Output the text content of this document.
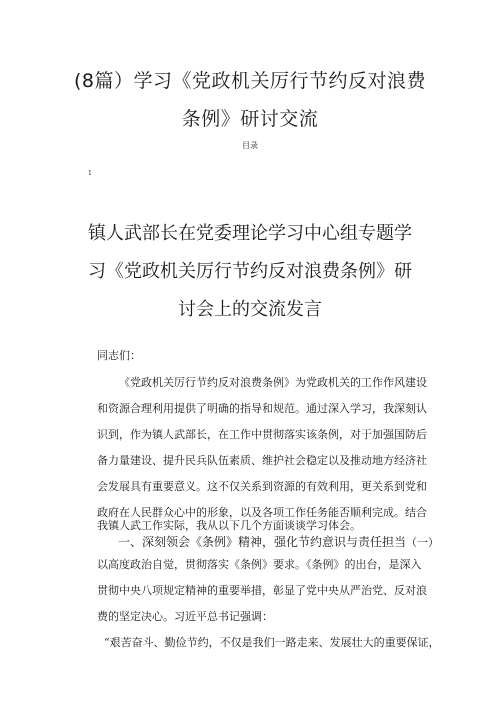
(8篇）学习《党政机关厉行节约反对浪费
条例》研讨交流
目录
1
镇人武部长在党委理论学习中心组专题学
习《党政机关厉行节约反对浪费条例》研
讨会上的交流发言
同志们：
《党政机关厉行节约反对浪费条例》为党政机关的工作作风建设
和资源合理利用提供了明确的指导和规范。通过深入学习，我深刻认
识到，作为镇人武部长，在工作中贯彻落实该条例，对于加强国防后
备力量建设、提升民兵队伍素质、维护社会稳定以及推动地方经济社
会发展具有重要意义。这不仅关系到资源的有效利用，更关系到党和
政府在人民群众心中的形象，以及各项工作任务能否顺利完成。结合
我镇人武工作实际，我从以下几个方面谈谈学习体会。
一、深刻领会《条例》精神，强化节约意识与责任担当（一）
以高度政治自觉，贯彻落实《条例》要求。《条例》的出台，是深入
贯彻中央八项规定精神的重要举措，彰显了党中央从严治党、反对浪
费的坚定决心。习近平总书记强调：
“艰苦奋斗、勤俭节约，不仅是我们一路走来、发展壮大的重要保证，
